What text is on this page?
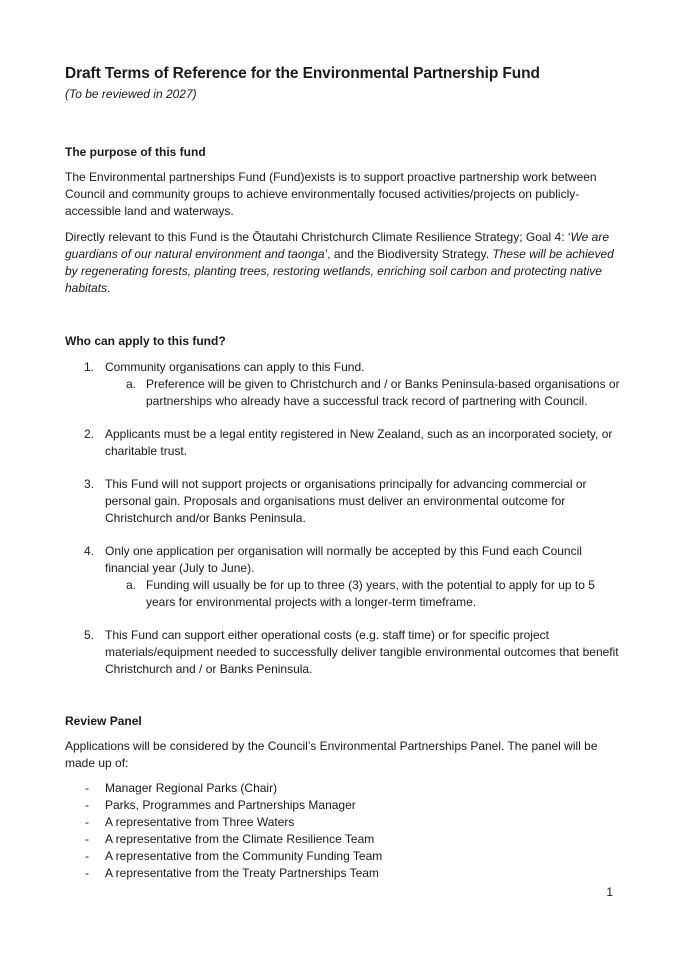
Draft Terms of Reference for the Environmental Partnership Fund
(To be reviewed in 2027)
The purpose of this fund

The Environmental partnerships Fund (Fund)exists is to support proactive partnership work between Council and community groups to achieve environmentally focused activities/projects on publicly-accessible land and waterways.

Directly relevant to this Fund is the Ōtautahi Christchurch Climate Resilience Strategy; Goal 4: ‘We are guardians of our natural environment and taonga’, and the Biodiversity Strategy. These will be achieved by regenerating forests, planting trees, restoring wetlands, enriching soil carbon and protecting native habitats.

Who can apply to this fund?
1. Community organisations can apply to this Fund.
a. Preference will be given to Christchurch and / or Banks Peninsula-based organisations or partnerships who already have a successful track record of partnering with Council.
2. Applicants must be a legal entity registered in New Zealand, such as an incorporated society, or charitable trust.
3. This Fund will not support projects or organisations principally for advancing commercial or personal gain. Proposals and organisations must deliver an environmental outcome for Christchurch and/or Banks Peninsula.
4. Only one application per organisation will normally be accepted by this Fund each Council financial year (July to June).
a. Funding will usually be for up to three (3) years, with the potential to apply for up to 5 years for environmental projects with a longer-term timeframe.
5. This Fund can support either operational costs (e.g. staff time) or for specific project materials/equipment needed to successfully deliver tangible environmental outcomes that benefit Christchurch and / or Banks Peninsula.
Review Panel

Applications will be considered by the Council’s Environmental Partnerships Panel. The panel will be made up of:

- Manager Regional Parks (Chair)
- Parks, Programmes and Partnerships Manager
- A representative from Three Waters
- A representative from the Climate Resilience Team
- A representative from the Community Funding Team
- A representative from the Treaty Partnerships Team
1
